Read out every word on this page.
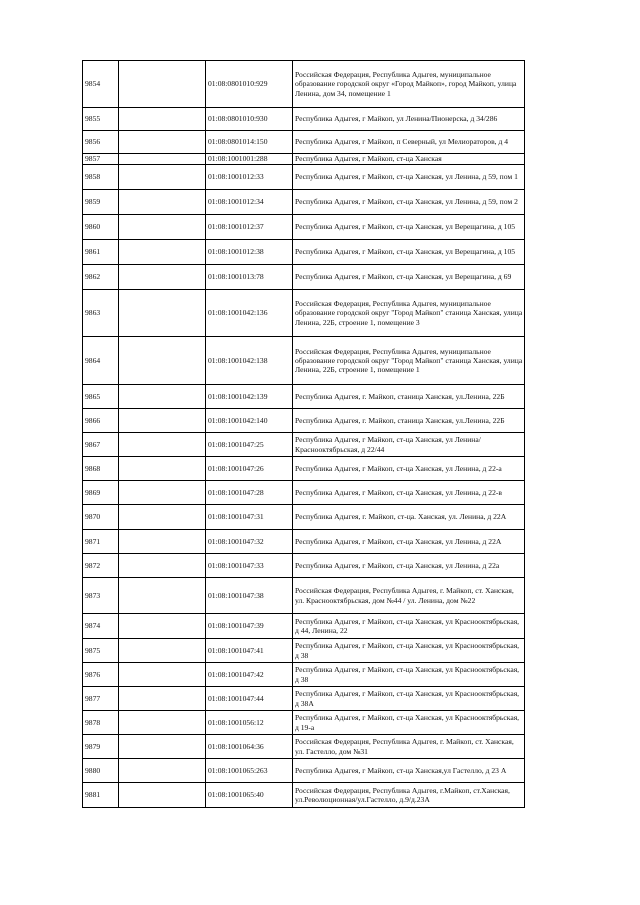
9854		01:08:0801010:929	Российская Федерация, Республика Адыгея, муниципальное образование городской округ «Город Майкоп», город Майкоп, улица Ленина, дом 34, помещение 1
9855		01:08:0801010:930	Республика Адыгея, г Майкоп, ул Ленина/Пионерска, д 34/286
9856		01:08:0801014:150	Республика Адыгея, г Майкоп, п Северный, ул Мелиораторов, д 4
9857		01:08:1001001:288	Республика Адыгея, г Майкоп, ст-ца Ханская
9858		01:08:1001012:33	Республика Адыгея, г Майкоп, ст-ца Ханская, ул Ленина, д 59, пом 1
9859		01:08:1001012:34	Республика Адыгея, г Майкоп, ст-ца Ханская, ул Ленина, д 59, пом 2
9860		01:08:1001012:37	Республика Адыгея, г Майкоп, ст-ца Ханская, ул Верещагина, д 105
9861		01:08:1001012:38	Республика Адыгея, г Майкоп, ст-ца Ханская, ул Верещагина, д 105
9862		01:08:1001013:78	Республика Адыгея, г Майкоп, ст-ца Ханская, ул Верещагина, д 69
9863		01:08:1001042:136	Российская Федерация, Республика Адыгея, муниципальное образование городской округ "Город Майкоп" станица Ханская, улица Ленина, 22Б, строение 1, помещение 3
9864		01:08:1001042:138	Российская Федерация, Республика Адыгея, муниципальное образование городской округ "Город Майкоп" станица Ханская, улица Ленина, 22Б, строение 1, помещение 1
9865		01:08:1001042:139	Республика Адыгея, г. Майкоп, станица Ханская, ул.Ленина, 22Б
9866		01:08:1001042:140	Республика Адыгея, г. Майкоп, станица Ханская, ул.Ленина, 22Б
9867		01:08:1001047:25	Республика Адыгея, г Майкоп, ст-ца Ханская, ул Ленина/Краснооктябрьская, д 22/44
9868		01:08:1001047:26	Республика Адыгея, г Майкоп, ст-ца Ханская, ул Ленина, д 22-а
9869		01:08:1001047:28	Республика Адыгея, г Майкоп, ст-ца Ханская, ул Ленина, д 22-в
9870		01:08:1001047:31	Республика Адыгея, г. Майкоп, ст-ца. Ханская, ул. Ленина, д 22А
9871		01:08:1001047:32	Республика Адыгея, г Майкоп, ст-ца Ханская, ул Ленина, д 22А
9872		01:08:1001047:33	Республика Адыгея, г Майкоп, ст-ца Ханская, ул Ленина, д 22а
9873		01:08:1001047:38	Российская Федерация, Республика Адыгея, г. Майкоп, ст. Ханская, ул. Краснооктябрьская, дом №44 / ул. Ленина, дом №22
9874		01:08:1001047:39	Республика Адыгея, г Майкоп, ст-ца Ханская, ул Краснооктябрьская, д 44, Ленина, 22
9875		01:08:1001047:41	Республика Адыгея, г Майкоп, ст-ца Ханская, ул Краснооктябрьская, д 38
9876		01:08:1001047:42	Республика Адыгея, г Майкоп, ст-ца Ханская, ул Краснооктябрьская, д 38
9877		01:08:1001047:44	Республика Адыгея, г Майкоп, ст-ца Ханская, ул Краснооктябрьская, д 38А
9878		01:08:1001056:12	Республика Адыгея, г Майкоп, ст-ца Ханская, ул Краснооктябрьская, д 19-а
9879		01:08:1001064:36	Российская Федерация, Республика Адыгея, г. Майкоп, ст. Ханская, ул. Гастелло, дом №31
9880		01:08:1001065:263	Республика Адыгея, г Майкоп, ст-ца Ханская,ул Гастелло, д 23 А
9881		01:08:1001065:40	Российская Федерация, Республика Адыгея, г.Майкоп, ст.Ханская, ул.Революционная/ул.Гастелло, д.9/д.23А
